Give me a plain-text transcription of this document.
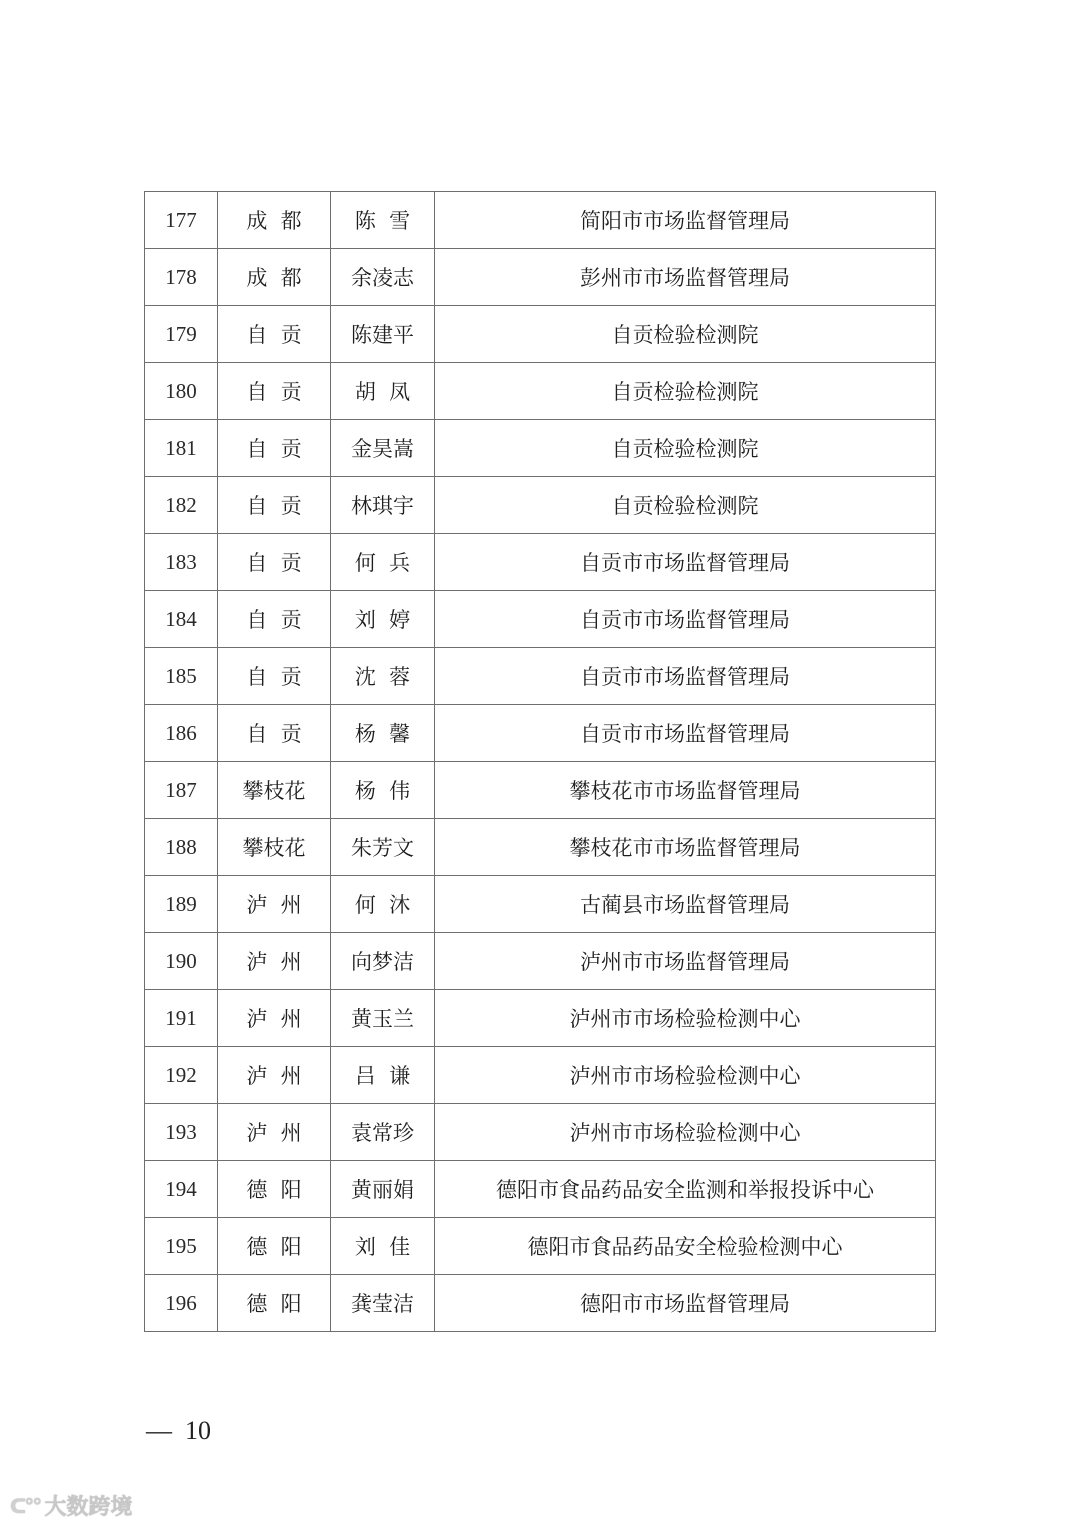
177	成  都	陈  雪	简阳市市场监督管理局
178	成  都	余凌志	彭州市市场监督管理局
179	自  贡	陈建平	自贡检验检测院
180	自  贡	胡  凤	自贡检验检测院
181	自  贡	金昊嵩	自贡检验检测院
182	自  贡	林琪宇	自贡检验检测院
183	自  贡	何  兵	自贡市市场监督管理局
184	自  贡	刘  婷	自贡市市场监督管理局
185	自  贡	沈  蓉	自贡市市场监督管理局
186	自  贡	杨  馨	自贡市市场监督管理局
187	攀枝花	杨  伟	攀枝花市市场监督管理局
188	攀枝花	朱芳文	攀枝花市市场监督管理局
189	泸  州	何  沐	古蔺县市场监督管理局
190	泸  州	向梦洁	泸州市市场监督管理局
191	泸  州	黄玉兰	泸州市市场检验检测中心
192	泸  州	吕  谦	泸州市市场检验检测中心
193	泸  州	袁常珍	泸州市市场检验检测中心
194	德  阳	黄丽娟	德阳市食品药品安全监测和举报投诉中心
195	德  阳	刘  佳	德阳市食品药品安全检验检测中心
196	德  阳	龚莹洁	德阳市市场监督管理局
—  10
ᑕ°° 大数跨境
